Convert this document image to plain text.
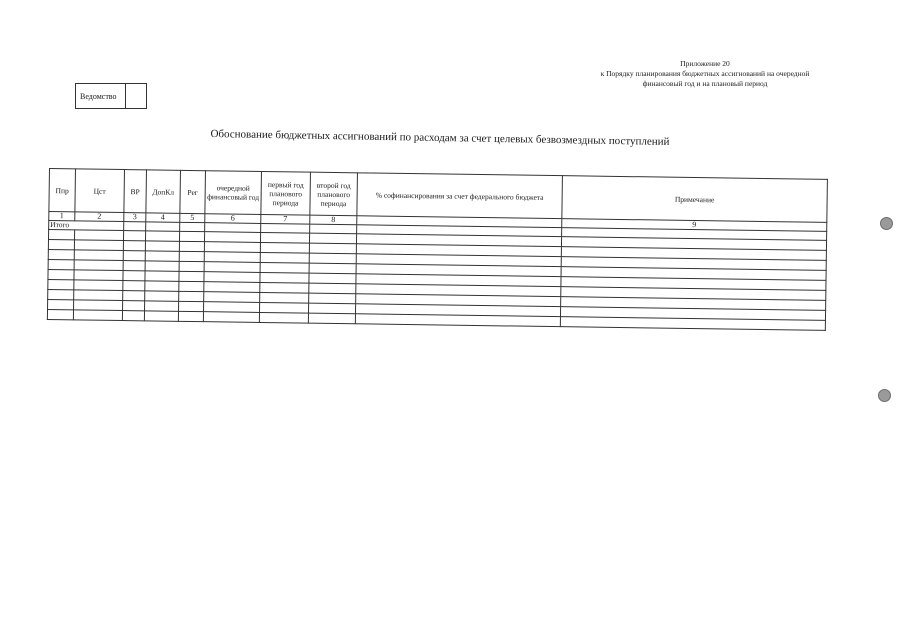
Приложение 20
к Порядку планирования бюджетных ассигнований на очередной
финансовый год и на плановый период
Ведомство
Обоснование бюджетных ассигнований по расходам за счет целевых безвозмездных поступлений
Ппр	Цст	ВР	ДопКл	Рег	очередной финансовый год	первый год планового периода	второй год планового периода	% софинансирования за счет федерального бюджета	Примечание
1	2	3	4	5	6	7	8		9
Итого									
